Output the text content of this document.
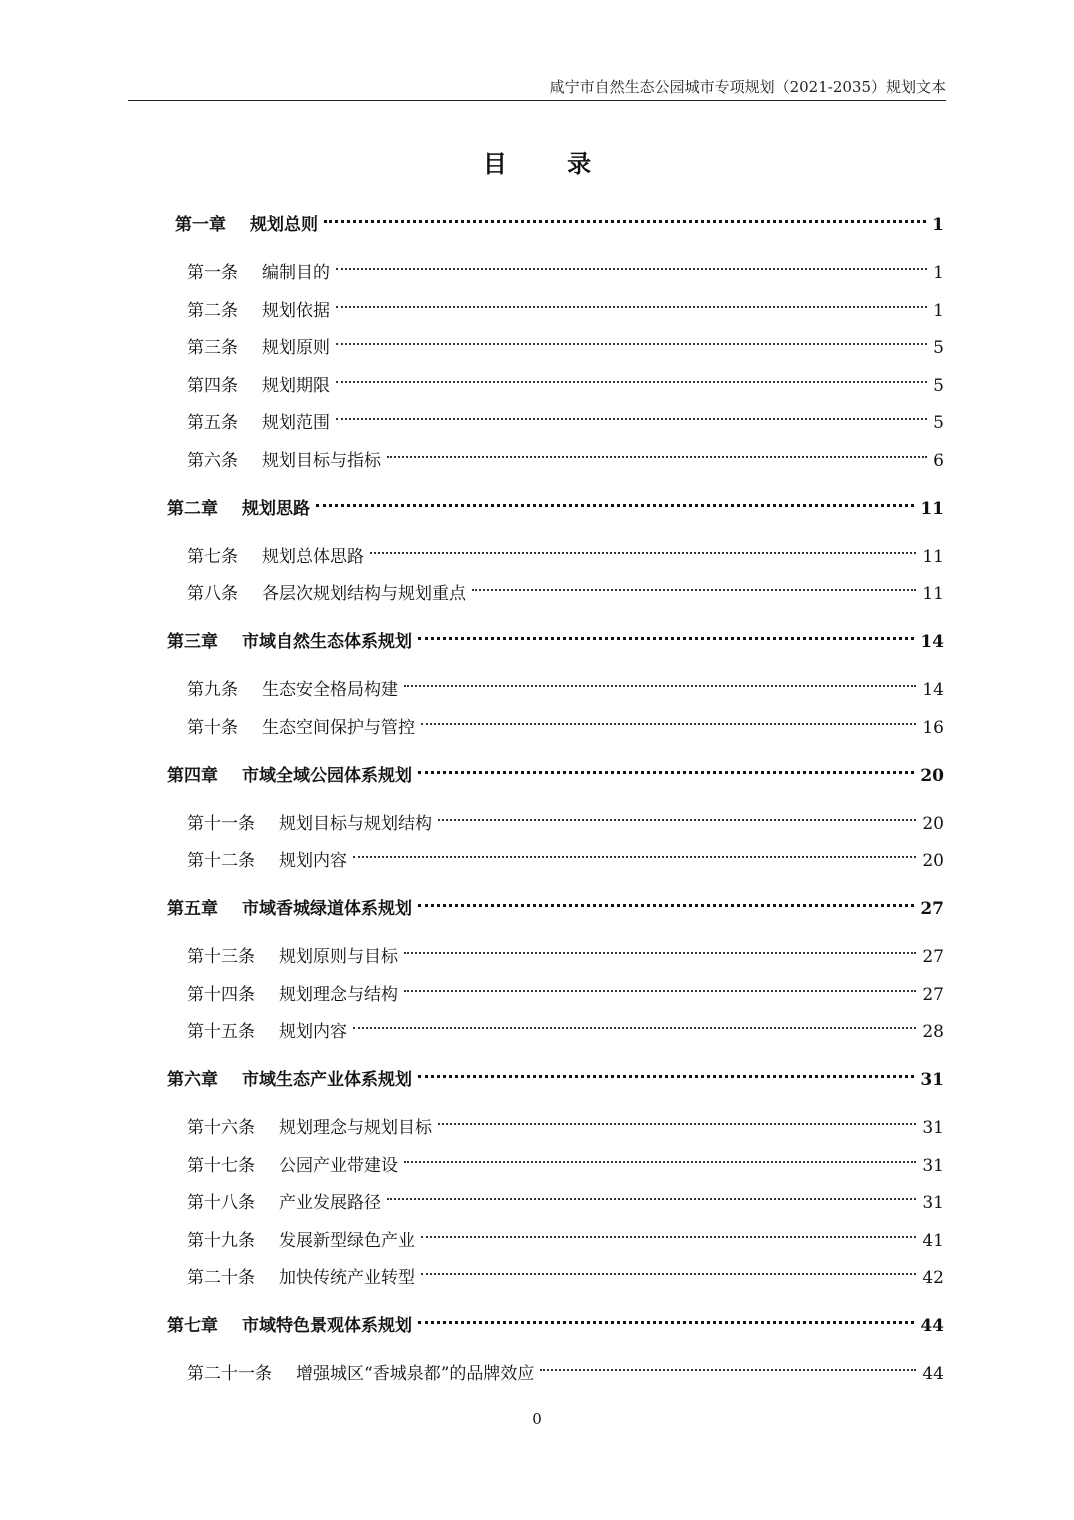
咸宁市自然生态公园城市专项规划（2021-2035）规划文本
目 录
第一章 规划总则	1
第一条 编制目的	1
第二条 规划依据	1
第三条 规划原则	5
第四条 规划期限	5
第五条 规划范围	5
第六条 规划目标与指标	6
第二章 规划思路	11
第七条 规划总体思路	11
第八条 各层次规划结构与规划重点	11
第三章 市域自然生态体系规划	14
第九条 生态安全格局构建	14
第十条 生态空间保护与管控	16
第四章 市域全域公园体系规划	20
第十一条 规划目标与规划结构	20
第十二条 规划内容	20
第五章 市域香城绿道体系规划	27
第十三条 规划原则与目标	27
第十四条 规划理念与结构	27
第十五条 规划内容	28
第六章 市域生态产业体系规划	31
第十六条 规划理念与规划目标	31
第十七条 公园产业带建设	31
第十八条 产业发展路径	31
第十九条 发展新型绿色产业	41
第二十条 加快传统产业转型	42
第七章 市域特色景观体系规划	44
第二十一条 增强城区“香城泉都”的品牌效应	44
0
